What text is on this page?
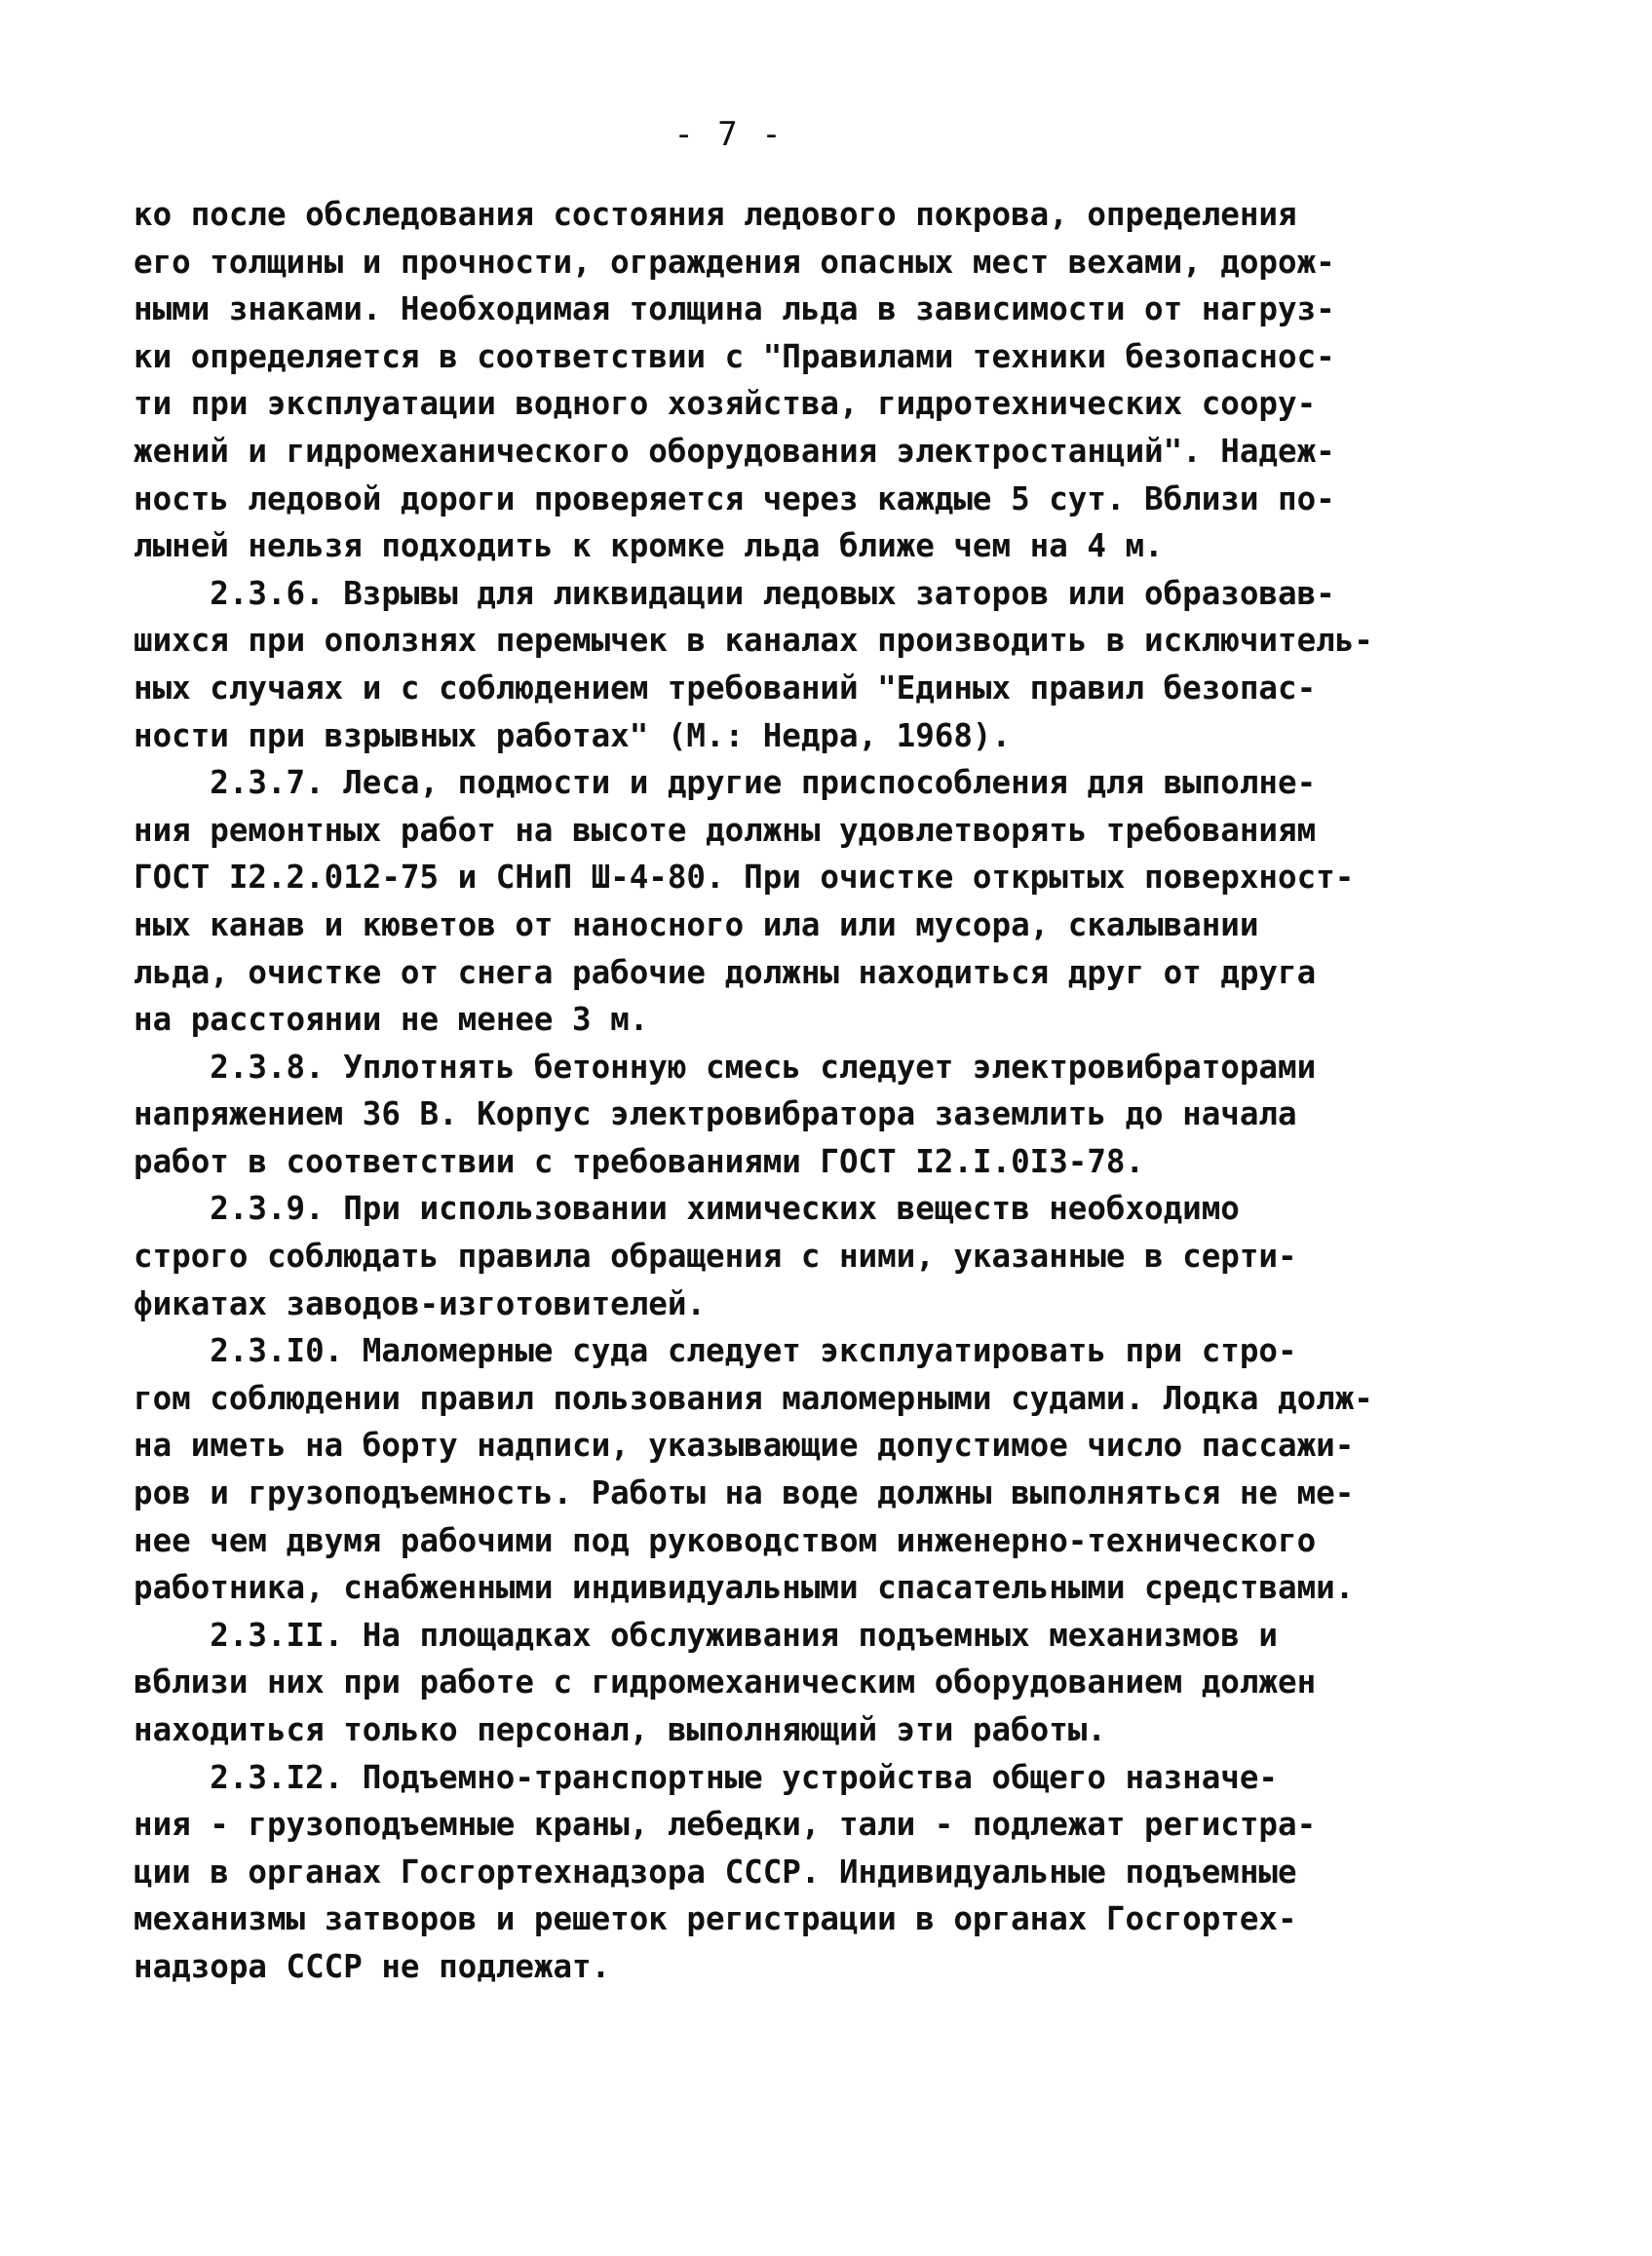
- 7 -
ко после обследования состояния ледового покрова, определения
его толщины и прочности, ограждения опасных мест вехами, дорож-
ными знаками. Необходимая толщина льда в зависимости от нагруз-
ки определяется в соответствии с "Правилами техники безопаснос-
ти при эксплуатации водного хозяйства, гидротехнических соору-
жений и гидромеханического оборудования электростанций". Надеж-
ность ледовой дороги проверяется через каждые 5 сут. Вблизи по-
лыней нельзя подходить к кромке льда ближе чем на 4 м.
2.3.6. Взрывы для ликвидации ледовых заторов или образовав-
шихся при оползнях перемычек в каналах производить в исключитель-
ных случаях и с соблюдением требований "Единых правил безопас-
ности при взрывных работах" (М.: Недра, 1968).
2.3.7. Леса, подмости и другие приспособления для выполне-
ния ремонтных работ на высоте должны удовлетворять требованиям
ГОСТ I2.2.012-75 и СНиП Ш-4-80. При очистке открытых поверхност-
ных канав и кюветов от наносного ила или мусора, скалывании
льда, очистке от снега рабочие должны находиться друг от друга
на расстоянии не менее 3 м.
2.3.8. Уплотнять бетонную смесь следует электровибраторами
напряжением 36 В. Корпус электровибратора заземлить до начала
работ в соответствии с требованиями ГОСТ I2.I.0I3-78.
2.3.9. При использовании химических веществ необходимо
строго соблюдать правила обращения с ними, указанные в серти-
фикатах заводов-изготовителей.
2.3.I0. Маломерные суда следует эксплуатировать при стро-
гом соблюдении правил пользования маломерными судами. Лодка долж-
на иметь на борту надписи, указывающие допустимое число пассажи-
ров и грузоподъемность. Работы на воде должны выполняться не ме-
нее чем двумя рабочими под руководством инженерно-технического
работника, снабженными индивидуальными спасательными средствами.
2.3.II. На площадках обслуживания подъемных механизмов и
вблизи них при работе с гидромеханическим оборудованием должен
находиться только персонал, выполняющий эти работы.
2.3.I2. Подъемно-транспортные устройства общего назначе-
ния - грузоподъемные краны, лебедки, тали - подлежат регистра-
ции в органах Госгортехнадзора СССР. Индивидуальные подъемные
механизмы затворов и решеток регистрации в органах Госгортех-
надзора СССР не подлежат.
